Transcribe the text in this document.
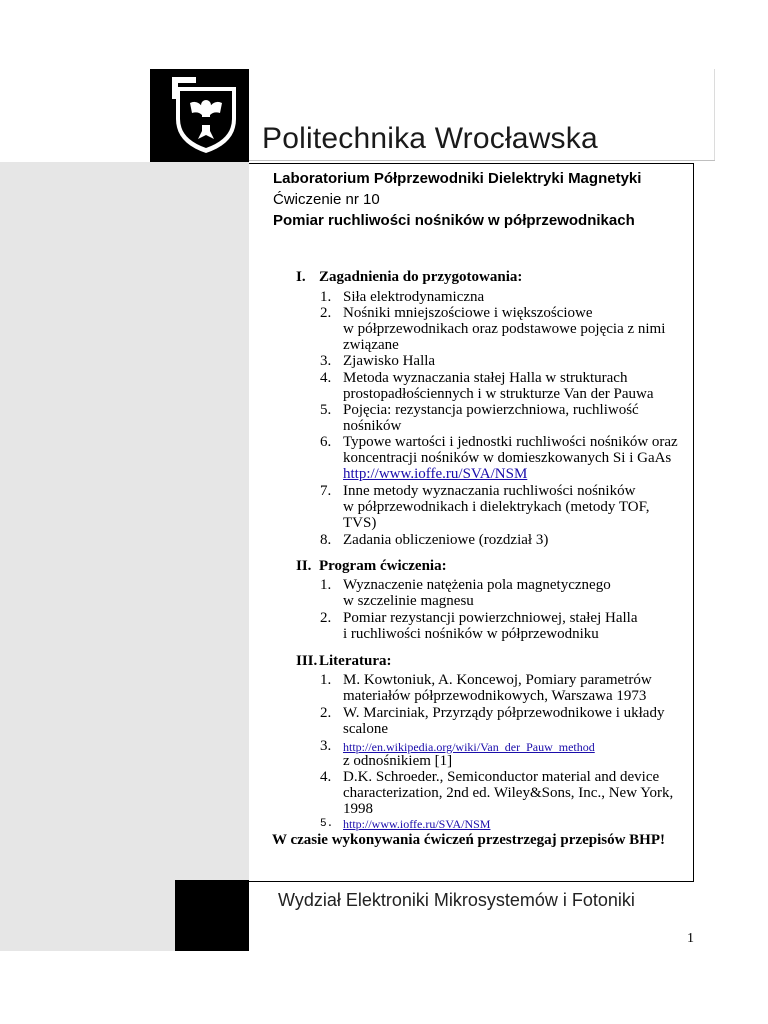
Politechnika Wrocławska
Laboratorium Półprzewodniki Dielektryki Magnetyki
Ćwiczenie nr 10
Pomiar ruchliwości nośników w półprzewodnikach
I. Zagadnienia do przygotowania:
1. Siła elektrodynamiczna
2. Nośniki mniejszościowe i większościowe
w półprzewodnikach oraz podstawowe pojęcia z nimi
związane
3. Zjawisko Halla
4. Metoda wyznaczania stałej Halla w strukturach
prostopadłościennych i w strukturze Van der Pauwa
5. Pojęcia: rezystancja powierzchniowa, ruchliwość
nośników
6. Typowe wartości i jednostki ruchliwości nośników oraz
koncentracji nośników w domieszkowanych Si i GaAs
http://www.ioffe.ru/SVA/NSM
7. Inne metody wyznaczania ruchliwości nośników
w półprzewodnikach i dielektrykach (metody TOF,
TVS)
8. Zadania obliczeniowe (rozdział 3)
II. Program ćwiczenia:
1. Wyznaczenie natężenia pola magnetycznego
w szczelinie magnesu
2. Pomiar rezystancji powierzchniowej, stałej Halla
i ruchliwości nośników w półprzewodniku
III. Literatura:
1. M. Kowtoniuk, A. Koncewoj, Pomiary parametrów
materiałów półprzewodnikowych, Warszawa 1973
2. W. Marciniak, Przyrządy półprzewodnikowe i układy
scalone
3. http://en.wikipedia.org/wiki/Van_der_Pauw_method
z odnośnikiem [1]
4. D.K. Schroeder., Semiconductor material and device
characterization, 2nd ed. Wiley&Sons, Inc., New York,
1998
5. http://www.ioffe.ru/SVA/NSM
W czasie wykonywania ćwiczeń przestrzegaj przepisów BHP!
Wydział Elektroniki Mikrosystemów i Fotoniki
1
